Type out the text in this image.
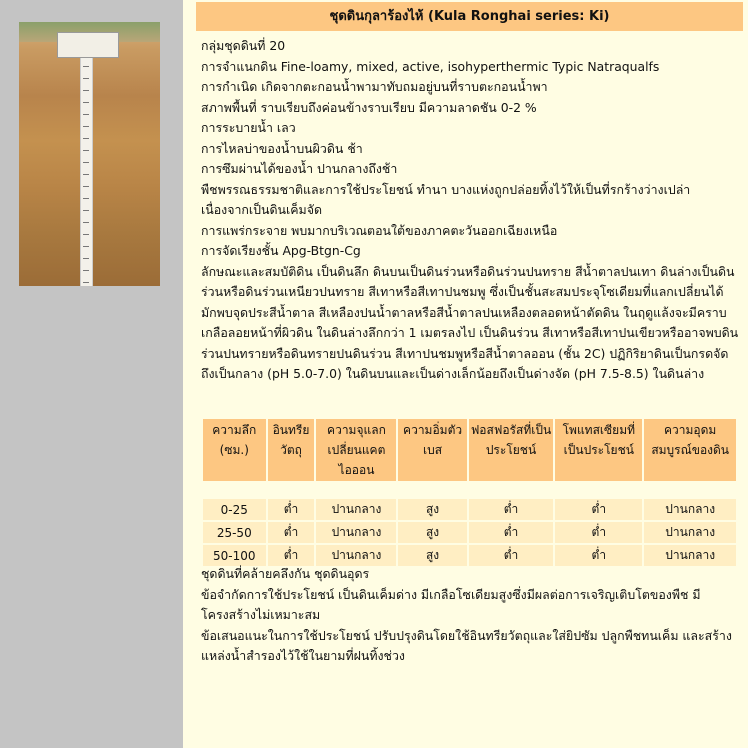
ชุดดินกุลาร้องไห้ (Kula Ronghai series: Ki)
กลุ่มชุดดินที่ 20
การจำแนกดิน Fine-loamy, mixed, active, isohyperthermic Typic Natraqualfs
การกำเนิด เกิดจากตะกอนน้ำพามาทับถมอยู่บนที่ราบตะกอนน้ำพา
สภาพพื้นที่ ราบเรียบถึงค่อนข้างราบเรียบ มีความลาดชัน 0-2 %
การระบายน้ำ เลว
การไหลบ่าของน้ำบนผิวดิน ช้า
การซึมผ่านได้ของน้ำ ปานกลางถึงช้า
พืชพรรณธรรมชาติและการใช้ประโยชน์ ทำนา บางแห่งถูกปล่อยทิ้งไว้ให้เป็นที่รกร้างว่างเปล่า เนื่องจากเป็นดินเค็มจัด
การแพร่กระจาย พบมากบริเวณตอนใต้ของภาคตะวันออกเฉียงเหนือ
การจัดเรียงชั้น Apg-Btgn-Cg
ลักษณะและสมบัติดิน เป็นดินลึก ดินบนเป็นดินร่วนหรือดินร่วนปนทราย สีน้ำตาลปนเทา ดินล่างเป็นดินร่วนหรือดินร่วนเหนียวปนทราย สีเทาหรือสีเทาปนชมพู ซึ่งเป็นชั้นสะสมประจุโซเดียมที่แลกเปลี่ยนได้ มักพบจุดประสีน้ำตาล สีเหลืองปนน้ำตาลหรือสีน้ำตาลปนเหลืองตลอดหน้าตัดดิน ในฤดูแล้งจะมีคราบเกลือลอยหน้าที่ผิวดิน ในดินล่างลึกกว่า 1 เมตรลงไป เป็นดินร่วน สีเทาหรือสีเทาปนเขียวหรืออาจพบดินร่วนปนทรายหรือดินทรายปนดินร่วน สีเทาปนชมพูหรือสีน้ำตาลออน (ชั้น 2C) ปฏิกิริยาดินเป็นกรดจัดถึงเป็นกลาง (pH 5.0-7.0) ในดินบนและเป็นด่างเล็กน้อยถึงเป็นด่างจัด (pH 7.5-8.5) ในดินล่าง
ความลึก (ซม.)	อินทรียวัตถุ	ความจุแลกเปลี่ยนแคตไอออน	ความอิ่มตัวเบส	ฟอสฟอรัสที่เป็นประโยชน์	โพแทสเซียมที่เป็นประโยชน์	ความอุดมสมบูรณ์ของดิน

0-25	ต่ำ	ปานกลาง	สูง	ต่ำ	ต่ำ	ปานกลาง
25-50	ต่ำ	ปานกลาง	สูง	ต่ำ	ต่ำ	ปานกลาง
50-100	ต่ำ	ปานกลาง	สูง	ต่ำ	ต่ำ	ปานกลาง
ชุดดินที่คล้ายคลึงกัน ชุดดินอุดร
ข้อจำกัดการใช้ประโยชน์ เป็นดินเค็มด่าง มีเกลือโซเดียมสูงซึ่งมีผลต่อการเจริญเติบโตของพืช มีโครงสร้างไม่เหมาะสม
ข้อเสนอแนะในการใช้ประโยชน์ ปรับปรุงดินโดยใช้อินทรียวัตถุและใส่ยิปซัม ปลูกพืชทนเค็ม และสร้างแหล่งน้ำสำรองไว้ใช้ในยามที่ฝนทิ้งช่วง
